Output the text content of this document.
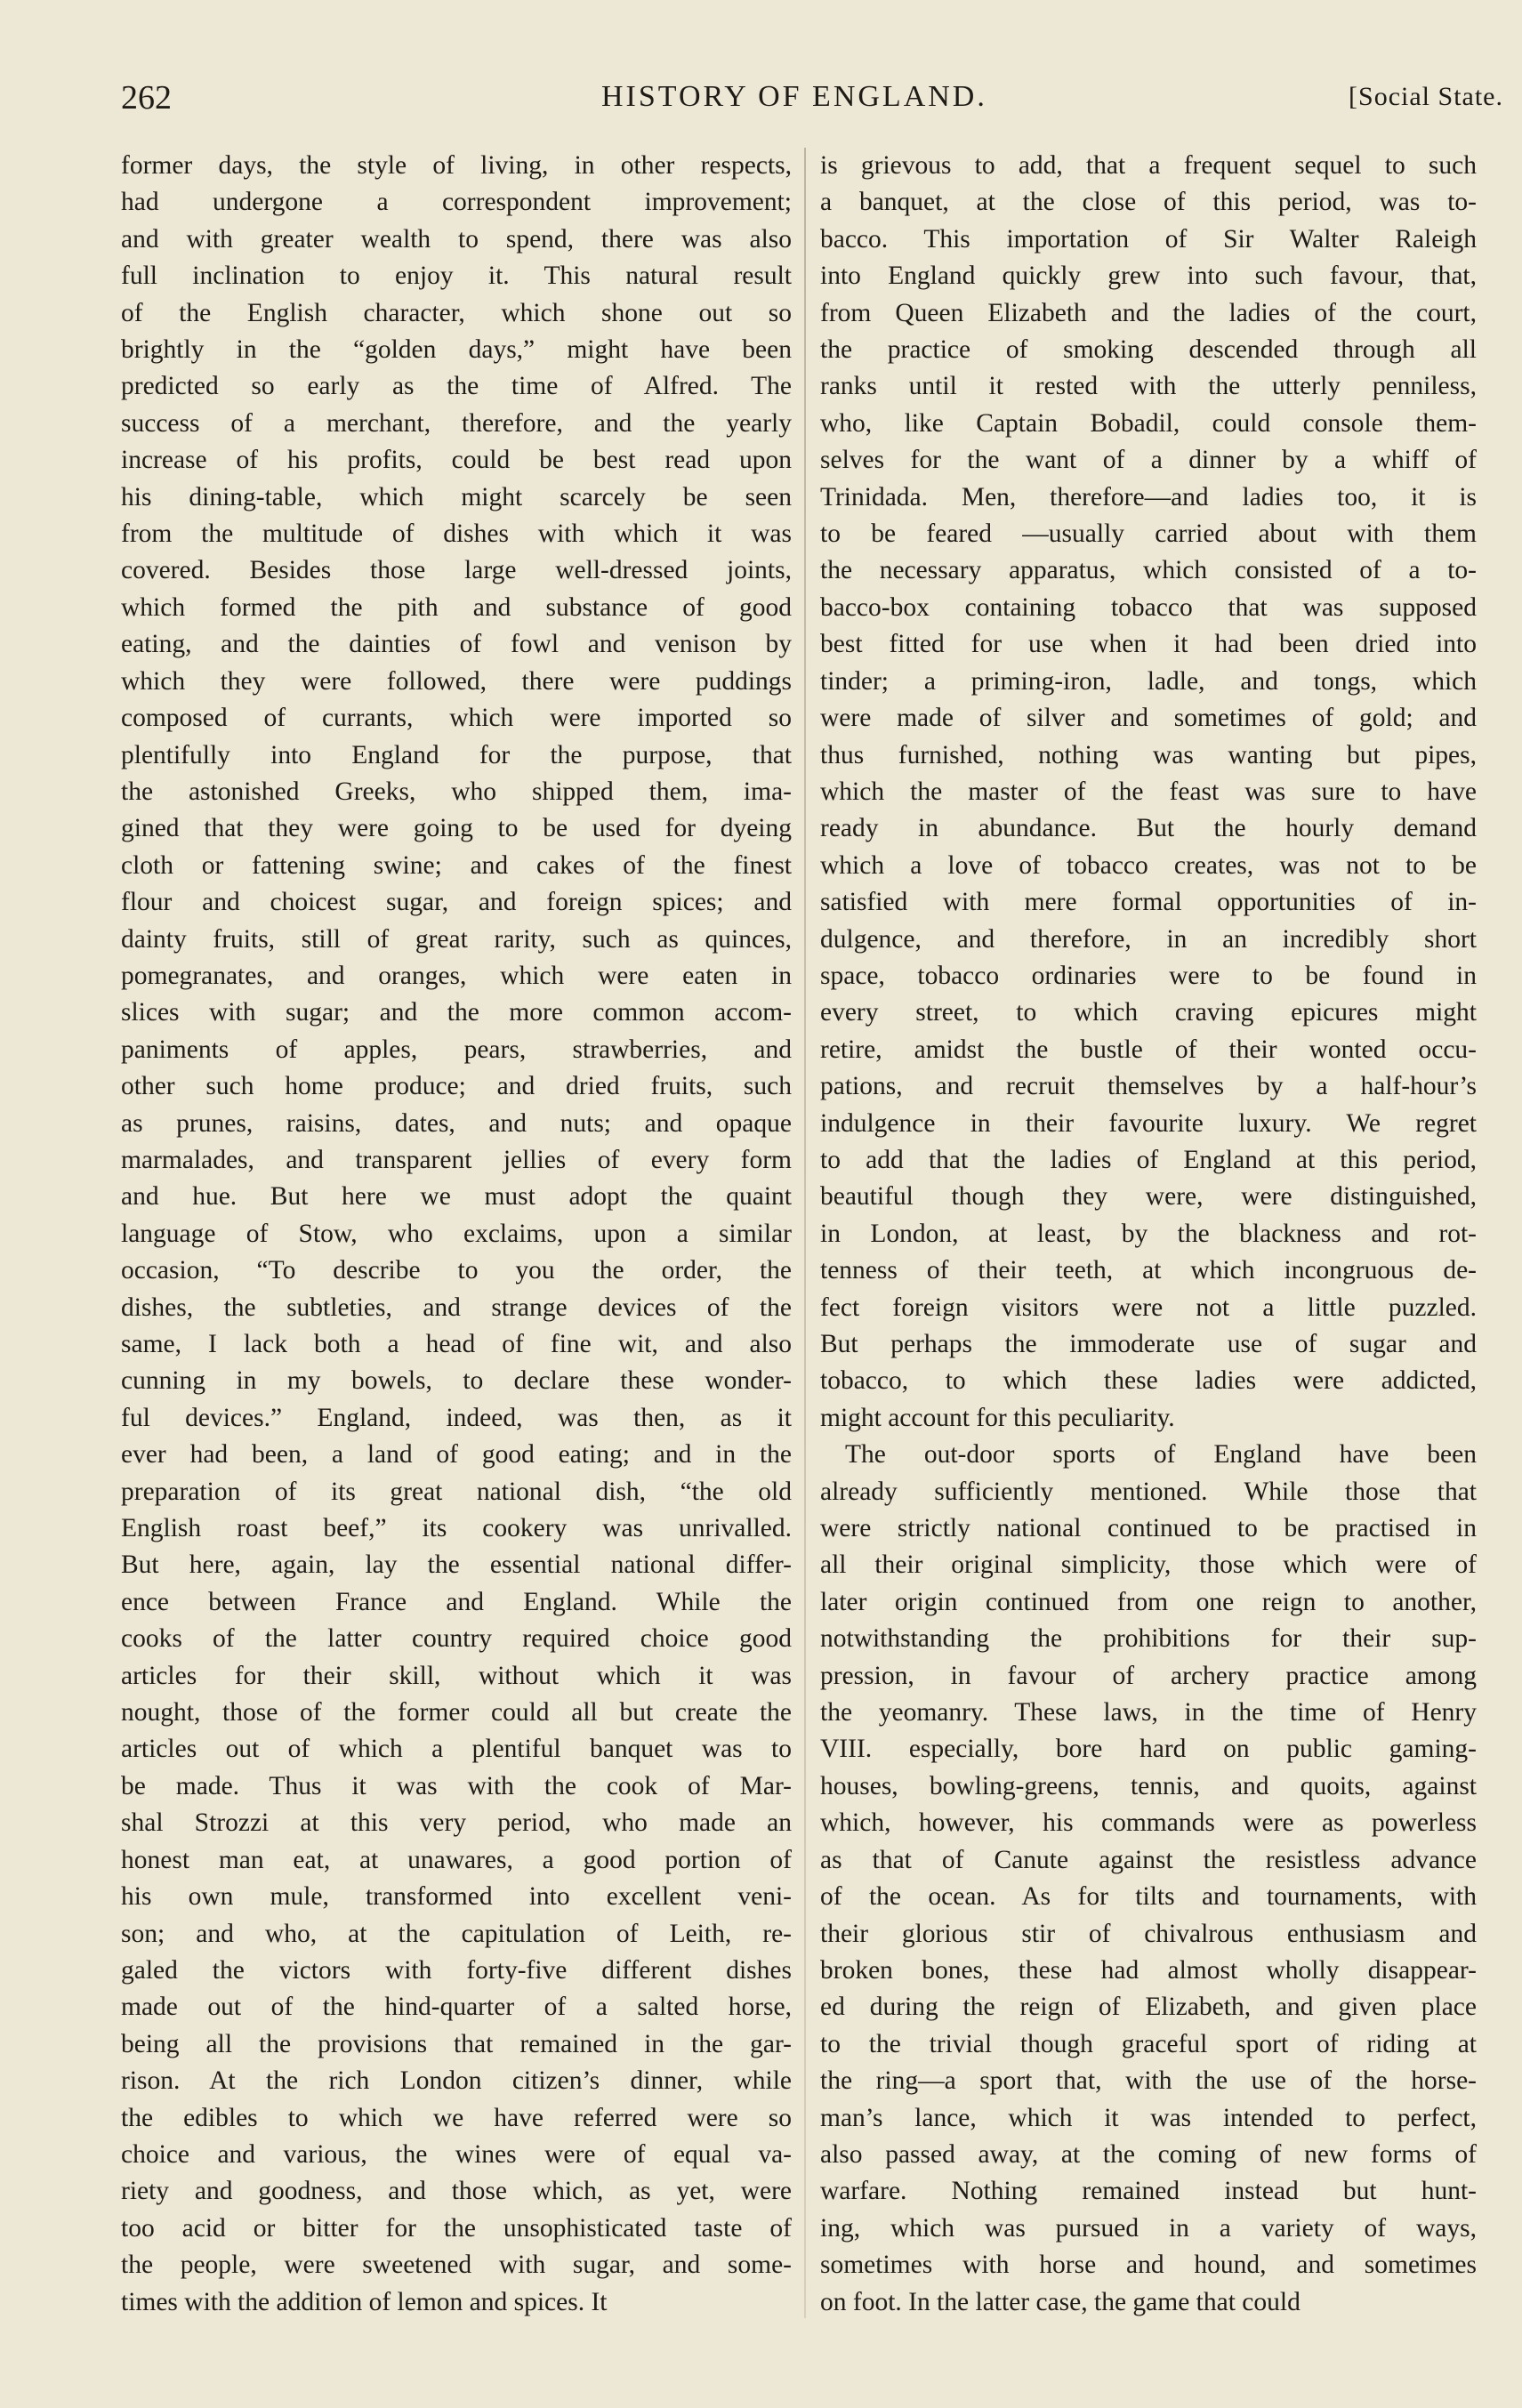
262	HISTORY OF ENGLAND.	[Social State.
former days, the style of living, in other respects,
had undergone a correspondent improvement;
and with greater wealth to spend, there was also
full inclination to enjoy it. This natural result
of the English character, which shone out so
brightly in the “golden days,” might have been
predicted so early as the time of Alfred. The
success of a merchant, therefore, and the yearly
increase of his profits, could be best read upon
his dining-table, which might scarcely be seen
from the multitude of dishes with which it was
covered. Besides those large well-dressed joints,
which formed the pith and substance of good
eating, and the dainties of fowl and venison by
which they were followed, there were puddings
composed of currants, which were imported so
plentifully into England for the purpose, that
the astonished Greeks, who shipped them, ima-
gined that they were going to be used for dyeing
cloth or fattening swine; and cakes of the finest
flour and choicest sugar, and foreign spices; and
dainty fruits, still of great rarity, such as quinces,
pomegranates, and oranges, which were eaten in
slices with sugar; and the more common accom-
paniments of apples, pears, strawberries, and
other such home produce; and dried fruits, such
as prunes, raisins, dates, and nuts; and opaque
marmalades, and transparent jellies of every form
and hue. But here we must adopt the quaint
language of Stow, who exclaims, upon a similar
occasion, “To describe to you the order, the
dishes, the subtleties, and strange devices of the
same, I lack both a head of fine wit, and also
cunning in my bowels, to declare these wonder-
ful devices.” England, indeed, was then, as it
ever had been, a land of good eating; and in the
preparation of its great national dish, “the old
English roast beef,” its cookery was unrivalled.
But here, again, lay the essential national differ-
ence between France and England. While the
cooks of the latter country required choice good
articles for their skill, without which it was
nought, those of the former could all but create the
articles out of which a plentiful banquet was to
be made. Thus it was with the cook of Mar-
shal Strozzi at this very period, who made an
honest man eat, at unawares, a good portion of
his own mule, transformed into excellent veni-
son; and who, at the capitulation of Leith, re-
galed the victors with forty-five different dishes
made out of the hind-quarter of a salted horse,
being all the provisions that remained in the gar-
rison. At the rich London citizen’s dinner, while
the edibles to which we have referred were so
choice and various, the wines were of equal va-
riety and goodness, and those which, as yet, were
too acid or bitter for the unsophisticated taste of
the people, were sweetened with sugar, and some-
times with the addition of lemon and spices. It
is grievous to add, that a frequent sequel to such
a banquet, at the close of this period, was to-
bacco. This importation of Sir Walter Raleigh
into England quickly grew into such favour, that,
from Queen Elizabeth and the ladies of the court,
the practice of smoking descended through all
ranks until it rested with the utterly penniless,
who, like Captain Bobadil, could console them-
selves for the want of a dinner by a whiff of
Trinidada. Men, therefore—and ladies too, it is
to be feared —usually carried about with them
the necessary apparatus, which consisted of a to-
bacco-box containing tobacco that was supposed
best fitted for use when it had been dried into
tinder; a priming-iron, ladle, and tongs, which
were made of silver and sometimes of gold; and
thus furnished, nothing was wanting but pipes,
which the master of the feast was sure to have
ready in abundance. But the hourly demand
which a love of tobacco creates, was not to be
satisfied with mere formal opportunities of in-
dulgence, and therefore, in an incredibly short
space, tobacco ordinaries were to be found in
every street, to which craving epicures might
retire, amidst the bustle of their wonted occu-
pations, and recruit themselves by a half-hour’s
indulgence in their favourite luxury. We regret
to add that the ladies of England at this period,
beautiful though they were, were distinguished,
in London, at least, by the blackness and rot-
tenness of their teeth, at which incongruous de-
fect foreign visitors were not a little puzzled.
But perhaps the immoderate use of sugar and
tobacco, to which these ladies were addicted,
might account for this peculiarity.
The out-door sports of England have been
already sufficiently mentioned. While those that
were strictly national continued to be practised in
all their original simplicity, those which were of
later origin continued from one reign to another,
notwithstanding the prohibitions for their sup-
pression, in favour of archery practice among
the yeomanry. These laws, in the time of Henry
VIII. especially, bore hard on public gaming-
houses, bowling-greens, tennis, and quoits, against
which, however, his commands were as powerless
as that of Canute against the resistless advance
of the ocean. As for tilts and tournaments, with
their glorious stir of chivalrous enthusiasm and
broken bones, these had almost wholly disappear-
ed during the reign of Elizabeth, and given place
to the trivial though graceful sport of riding at
the ring—a sport that, with the use of the horse-
man’s lance, which it was intended to perfect,
also passed away, at the coming of new forms of
warfare. Nothing remained instead but hunt-
ing, which was pursued in a variety of ways,
sometimes with horse and hound, and sometimes
on foot. In the latter case, the game that could
